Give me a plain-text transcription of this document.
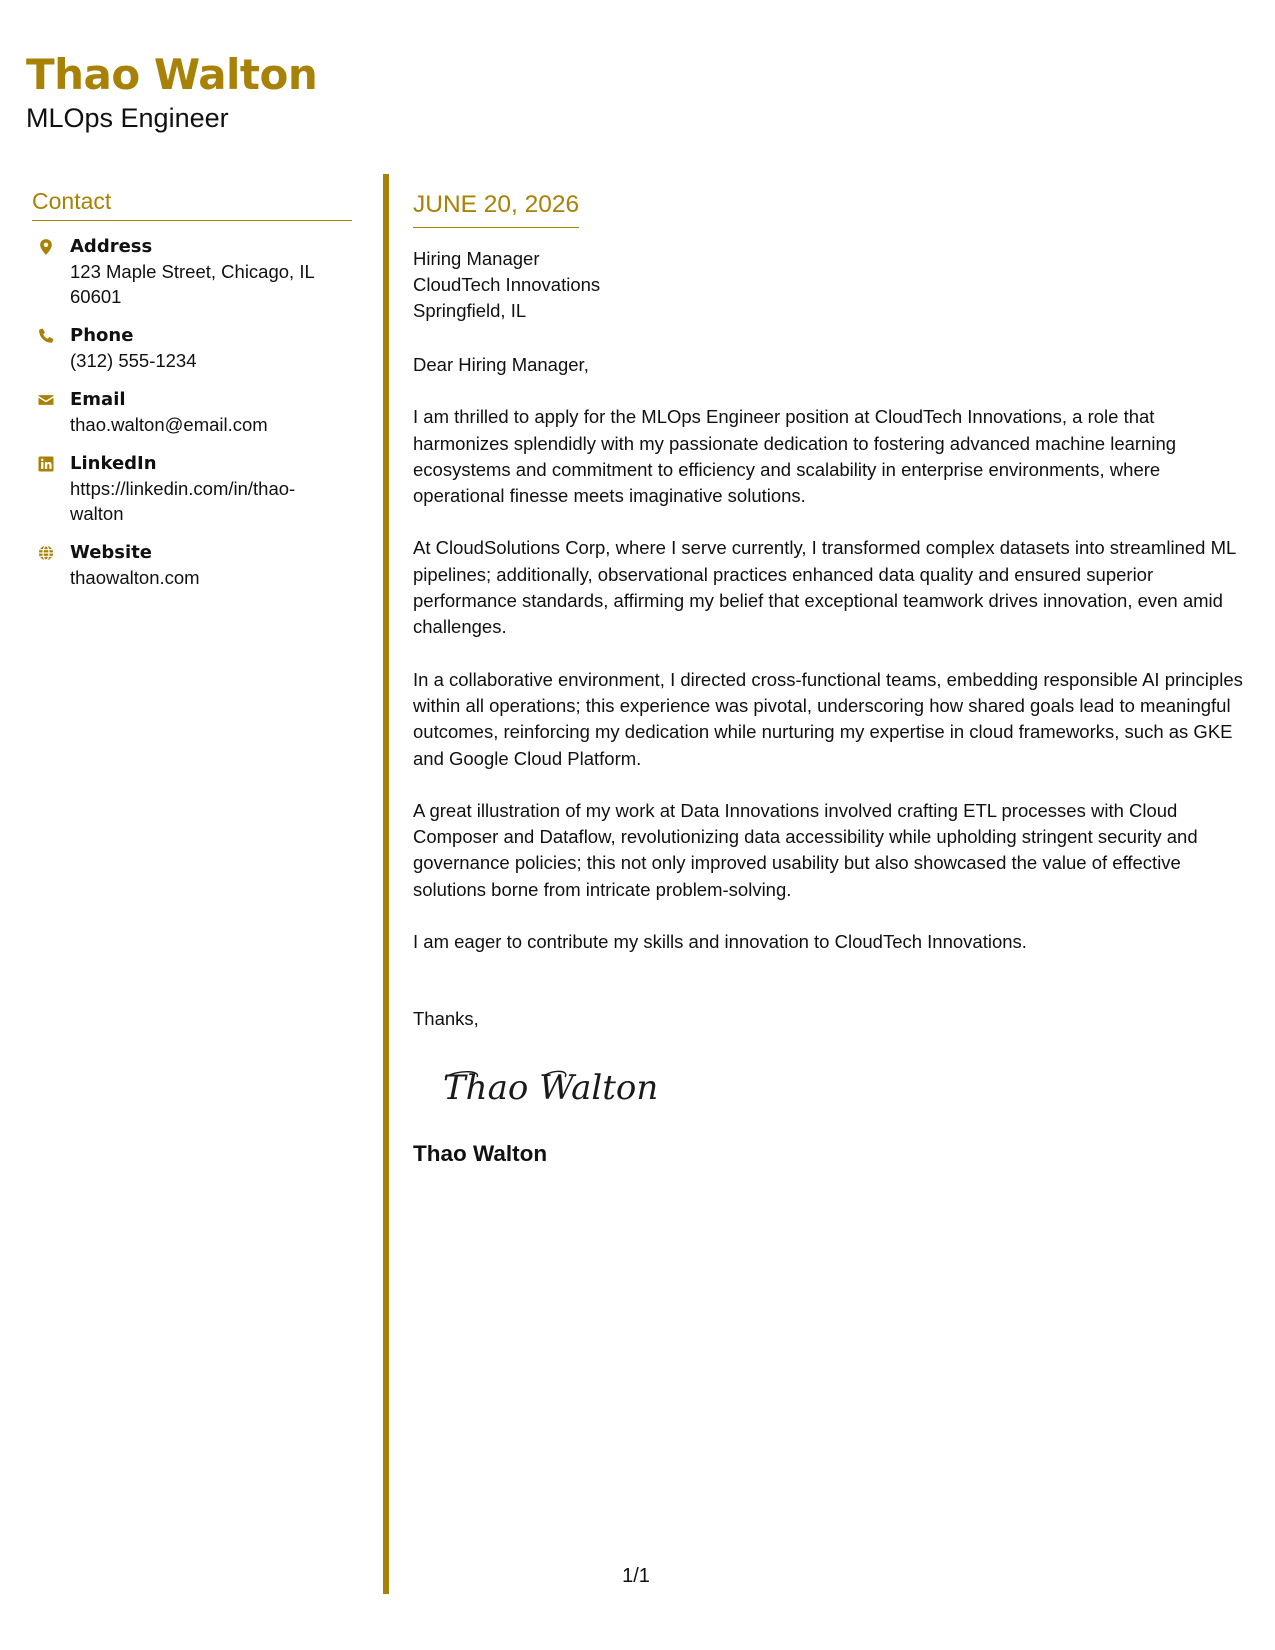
Thao Walton
MLOps Engineer
Contact
Address
123 Maple Street, Chicago, IL 60601
Phone
(312) 555-1234
Email
thao.walton@email.com
LinkedIn
https://linkedin.com/in/thao-walton
Website
thaowalton.com
JUNE 20, 2026
Hiring Manager
CloudTech Innovations
Springfield, IL
Dear Hiring Manager,

I am thrilled to apply for the MLOps Engineer position at CloudTech Innovations, a role that harmonizes splendidly with my passionate dedication to fostering advanced machine learning ecosystems and commitment to efficiency and scalability in enterprise environments, where operational finesse meets imaginative solutions.

At CloudSolutions Corp, where I serve currently, I transformed complex datasets into streamlined ML pipelines; additionally, observational practices enhanced data quality and ensured superior performance standards, affirming my belief that exceptional teamwork drives innovation, even amid challenges.

In a collaborative environment, I directed cross-functional teams, embedding responsible AI principles within all operations; this experience was pivotal, underscoring how shared goals lead to meaningful outcomes, reinforcing my dedication while nurturing my expertise in cloud frameworks, such as GKE and Google Cloud Platform.

A great illustration of my work at Data Innovations involved crafting ETL processes with Cloud Composer and Dataflow, revolutionizing data accessibility while upholding stringent security and governance policies; this not only improved usability but also showcased the value of effective solutions borne from intricate problem-solving.

I am eager to contribute my skills and innovation to CloudTech Innovations.

Thanks,
Thao Walton
Thao Walton
1/1
